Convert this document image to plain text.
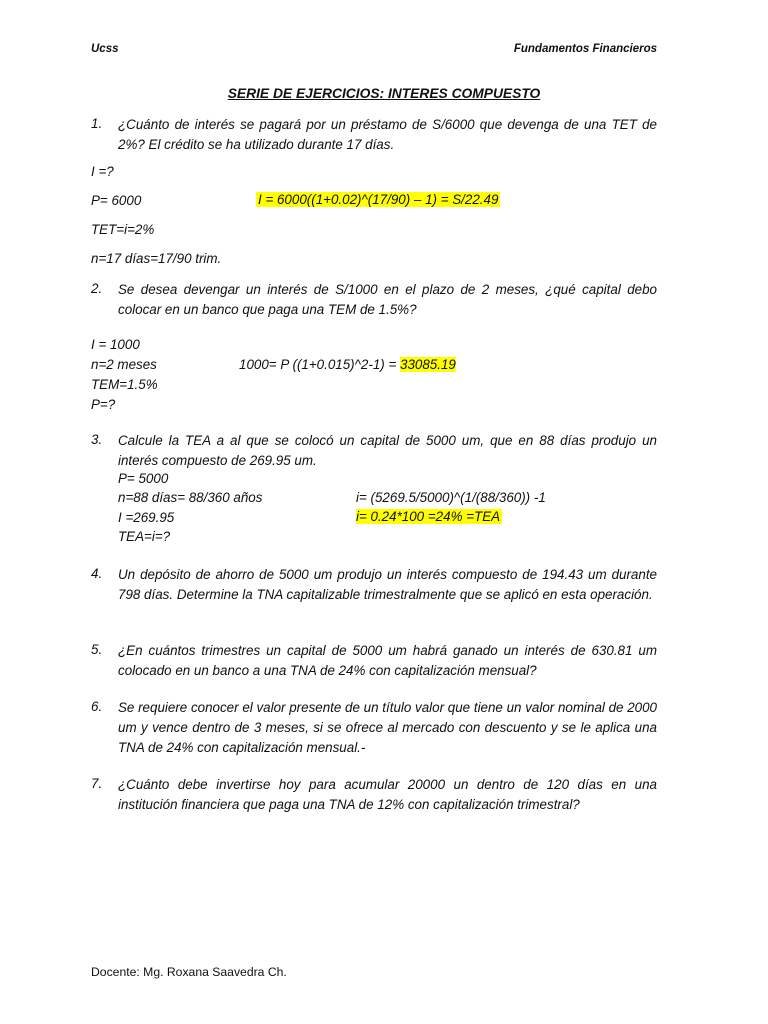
Ucss	Fundamentos Financieros
SERIE DE EJERCICIOS: INTERES COMPUESTO
1. ¿Cuánto de interés se pagará por un préstamo de S/6000 que devenga de una TET de 2%? El crédito se ha utilizado durante 17 días.
I =?
P= 6000	I = 6000((1+0.02)^(17/90) – 1) = S/22.49
TET=i=2%
n=17 días=17/90 trim.
2. Se desea devengar un interés de S/1000 en el plazo de 2 meses, ¿qué capital debo colocar en un banco que paga una TEM de 1.5%?
I = 1000
n=2 meses	1000= P ((1+0.015)^2-1) = 33085.19
TEM=1.5%
P=?
3. Calcule la TEA a al que se colocó un capital de 5000 um, que en 88 días produjo un interés compuesto de 269.95 um.
P= 5000
n=88 días= 88/360 años	i= (5269.5/5000)^(1/(88/360)) -1
I =269.95	i= 0.24*100 =24% =TEA
TEA=i=?
4. Un depósito de ahorro de 5000 um produjo un interés compuesto de 194.43 um durante 798 días. Determine la TNA capitalizable trimestralmente que se aplicó en esta operación.
5. ¿En cuántos trimestres un capital de 5000 um habrá ganado un interés de 630.81 um colocado en un banco a una TNA de 24% con capitalización mensual?
6. Se requiere conocer el valor presente de un título valor que tiene un valor nominal de 2000 um y vence dentro de 3 meses, si se ofrece al mercado con descuento y se le aplica una TNA de 24% con capitalización mensual.-
7. ¿Cuánto debe invertirse hoy para acumular 20000 un dentro de 120 días en una institución financiera que paga una TNA de 12% con capitalización trimestral?
Docente: Mg. Roxana Saavedra Ch.
